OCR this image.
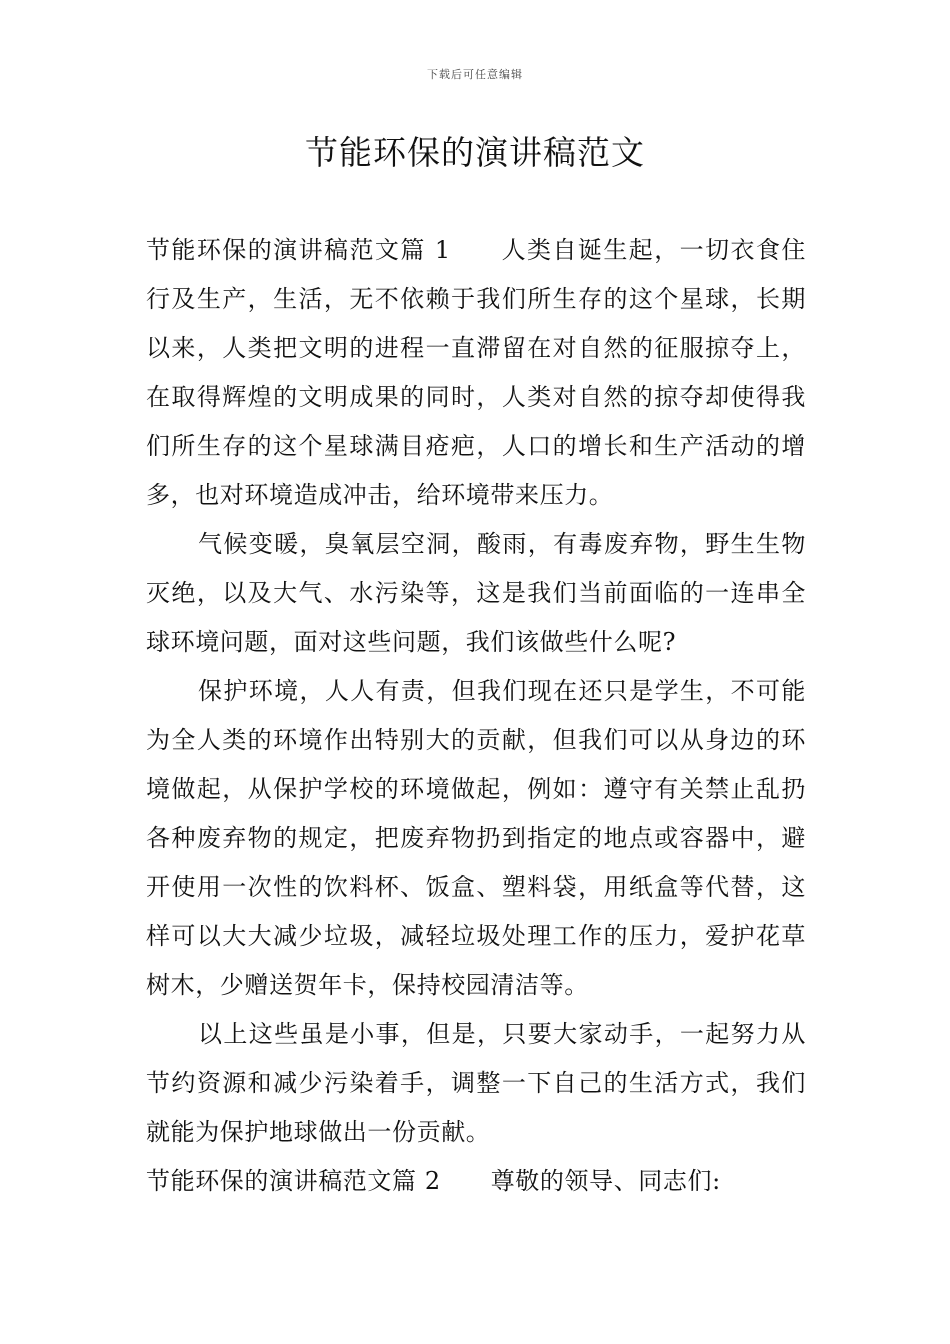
下载后可任意编辑
节能环保的演讲稿范文

节能环保的演讲稿范文篇 1 人类自诞生起，一切衣食住行及生产，生活，无不依赖于我们所生存的这个星球，长期以来，人类把文明的进程一直滞留在对自然的征服掠夺上，在取得辉煌的文明成果的同时，人类对自然的掠夺却使得我们所生存的这个星球满目疮疤，人口的增长和生产活动的增多，也对环境造成冲击，给环境带来压力。

气候变暖，臭氧层空洞，酸雨，有毒废弃物，野生生物灭绝，以及大气、水污染等，这是我们当前面临的一连串全球环境问题，面对这些问题，我们该做些什么呢?

保护环境，人人有责，但我们现在还只是学生，不可能为全人类的环境作出特别大的贡献，但我们可以从身边的环境做起，从保护学校的环境做起，例如：遵守有关禁止乱扔各种废弃物的规定，把废弃物扔到指定的地点或容器中，避开使用一次性的饮料杯、饭盒、塑料袋，用纸盒等代替，这样可以大大减少垃圾，减轻垃圾处理工作的压力，爱护花草树木，少赠送贺年卡，保持校园清洁等。

以上这些虽是小事，但是，只要大家动手，一起努力从节约资源和减少污染着手，调整一下自己的生活方式，我们就能为保护地球做出一份贡献。

节能环保的演讲稿范文篇 2 尊敬的领导、同志们:
